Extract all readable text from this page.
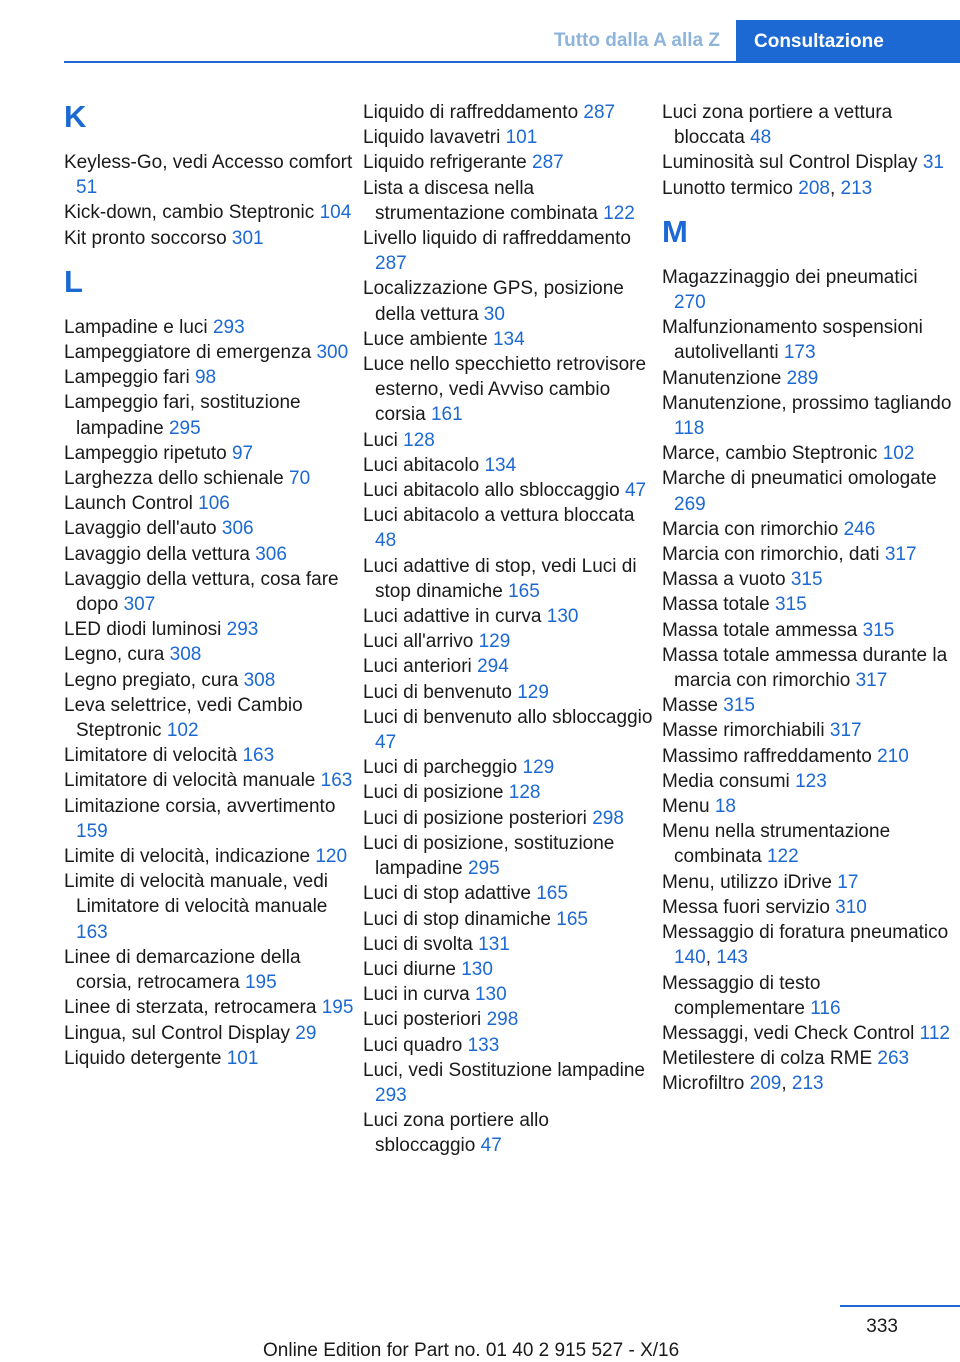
Tutto dalla A alla Z	Consultazione
K
Keyless-Go, vedi Accesso comfort 51
Kick-down, cambio Steptronic 104
Kit pronto soccorso 301
L
Lampadine e luci 293
Lampeggiatore di emergenza 300
Lampeggio fari 98
Lampeggio fari, sostituzione lampadine 295
Lampeggio ripetuto 97
Larghezza dello schienale 70
Launch Control 106
Lavaggio dell'auto 306
Lavaggio della vettura 306
Lavaggio della vettura, cosa fare dopo 307
LED diodi luminosi 293
Legno, cura 308
Legno pregiato, cura 308
Leva selettrice, vedi Cambio Steptronic 102
Limitatore di velocità 163
Limitatore di velocità manuale 163
Limitazione corsia, avvertimento 159
Limite di velocità, indicazione 120
Limite di velocità manuale, vedi Limitatore di velocità manuale 163
Linee di demarcazione della corsia, retrocamera 195
Linee di sterzata, retrocamera 195
Lingua, sul Control Display 29
Liquido detergente 101
Liquido di raffreddamento 287
Liquido lavavetri 101
Liquido refrigerante 287
Lista a discesa nella strumentazione combinata 122
Livello liquido di raffreddamento 287
Localizzazione GPS, posizione della vettura 30
Luce ambiente 134
Luce nello specchietto retrovisore esterno, vedi Avviso cambio corsia 161
Luci 128
Luci abitacolo 134
Luci abitacolo allo sbloccaggio 47
Luci abitacolo a vettura bloccata 48
Luci adattive di stop, vedi Luci di stop dinamiche 165
Luci adattive in curva 130
Luci all'arrivo 129
Luci anteriori 294
Luci di benvenuto 129
Luci di benvenuto allo sbloccaggio 47
Luci di parcheggio 129
Luci di posizione 128
Luci di posizione posteriori 298
Luci di posizione, sostituzione lampadine 295
Luci di stop adattive 165
Luci di stop dinamiche 165
Luci di svolta 131
Luci diurne 130
Luci in curva 130
Luci posteriori 298
Luci quadro 133
Luci, vedi Sostituzione lampadine 293
Luci zona portiere allo sbloccaggio 47
Luci zona portiere a vettura bloccata 48
Luminosità sul Control Display 31
Lunotto termico 208, 213
M
Magazzinaggio dei pneumatici 270
Malfunzionamento sospensioni autolivellanti 173
Manutenzione 289
Manutenzione, prossimo tagliando 118
Marce, cambio Steptronic 102
Marche di pneumatici omologate 269
Marcia con rimorchio 246
Marcia con rimorchio, dati 317
Massa a vuoto 315
Massa totale 315
Massa totale ammessa 315
Massa totale ammessa durante la marcia con rimorchio 317
Masse 315
Masse rimorchiabili 317
Massimo raffreddamento 210
Media consumi 123
Menu 18
Menu nella strumentazione combinata 122
Menu, utilizzo iDrive 17
Messa fuori servizio 310
Messaggio di foratura pneumatico 140, 143
Messaggio di testo complementare 116
Messaggi, vedi Check Control 112
Metilestere di colza RME 263
Microfiltro 209, 213
333
Online Edition for Part no. 01 40 2 915 527 - X/16
